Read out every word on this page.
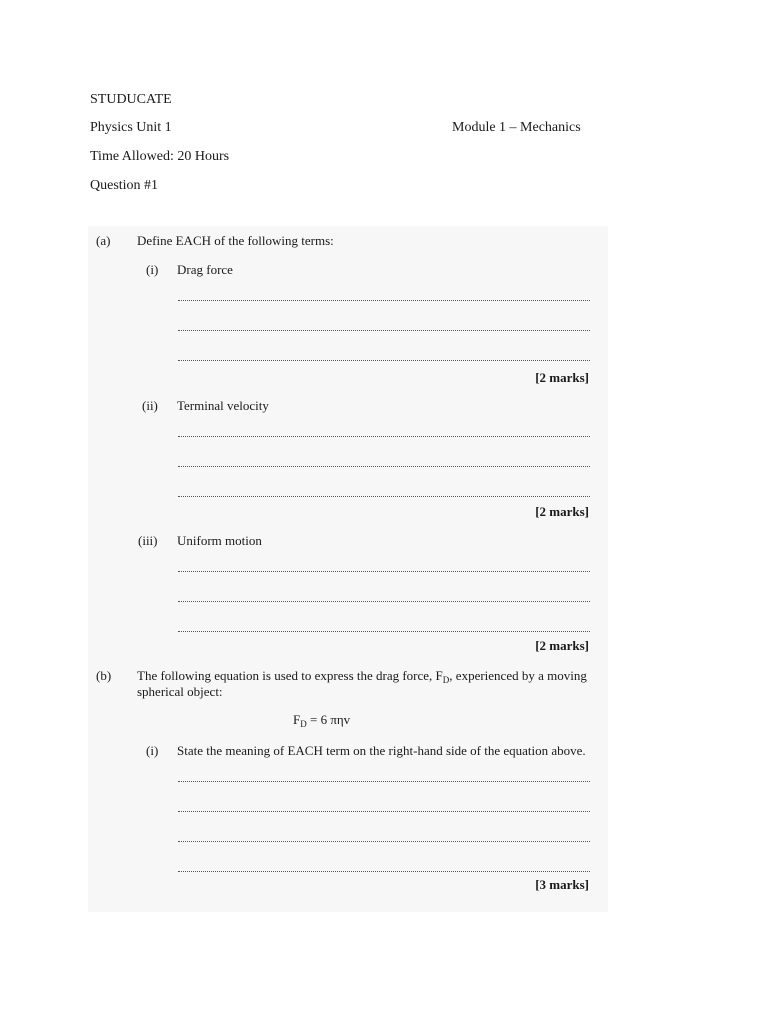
STUDUCATE
Physics Unit 1	Module 1 – Mechanics
Time Allowed: 20 Hours
Question #1
(a) Define EACH of the following terms:
(i) Drag force
[2 marks]
(ii) Terminal velocity
[2 marks]
(iii) Uniform motion
[2 marks]
(b) The following equation is used to express the drag force, $F_D$, experienced by a moving
spherical object:
$F_D = 6$ πηv
(i) State the meaning of EACH term on the right-hand side of the equation above.
[3 marks]
